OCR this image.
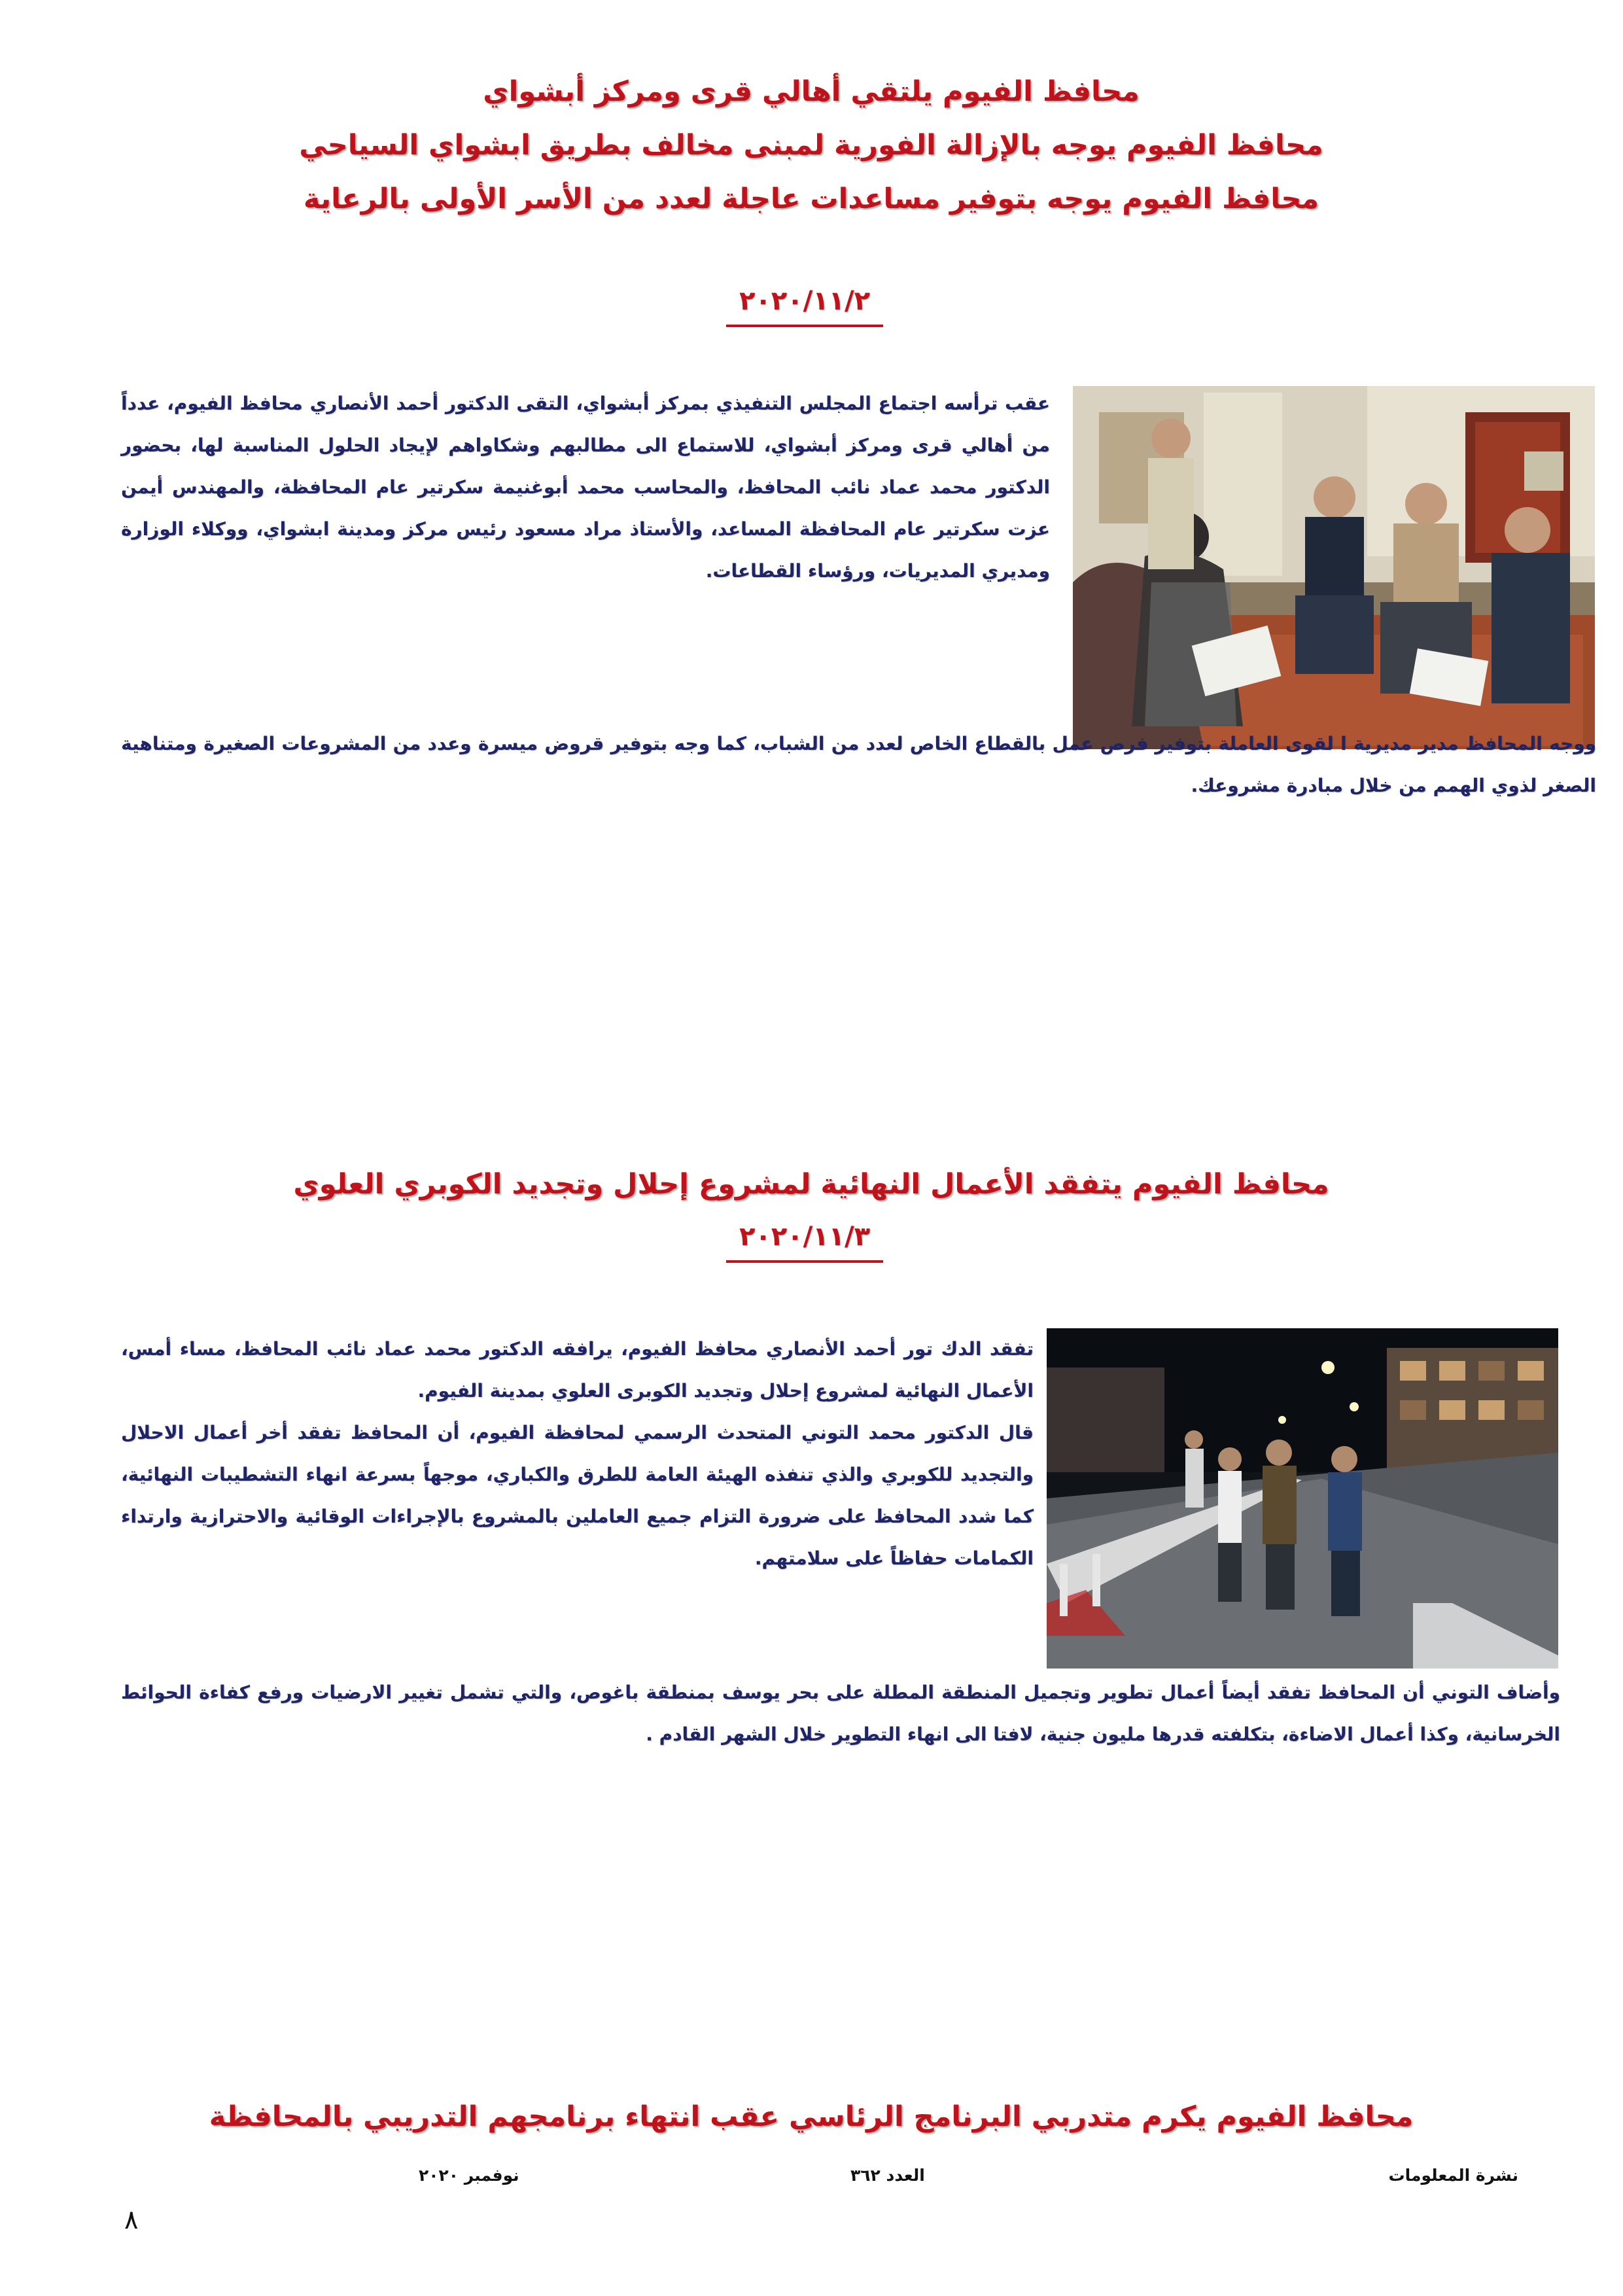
محافظ الفيوم يلتقي أهالي قرى ومركز أبشواي

محافظ الفيوم يوجه بالإزالة الفورية لمبنى مخالف بطريق ابشواي السياحي

محافظ الفيوم يوجه بتوفير مساعدات عاجلة لعدد من الأسر الأولى بالرعاية

٢٠٢٠/١١/٢

عقب ترأسه اجتماع المجلس التنفيذي بمركز أبشواي، التقى الدكتور أحمد الأنصاري محافظ الفيوم، عدداً من أهالي قرى ومركز أبشواي، للاستماع الى مطالبهم وشكاواهم لإيجاد الحلول المناسبة لها، بحضور الدكتور محمد عماد نائب المحافظ، والمحاسب محمد أبوغنيمة سكرتير عام المحافظة، والمهندس أيمن عزت سكرتير عام المحافظة المساعد، والأستاذ مراد مسعود رئيس مركز ومدينة ابشواي، ووكلاء الوزارة ومديري المديريات، ورؤساء القطاعات.

ووجه المحافظ مدير مديرية ا لقوى العاملة بتوفير فرص عمل بالقطاع الخاص لعدد من الشباب، كما وجه بتوفير قروض ميسرة وعدد من المشروعات الصغيرة ومتناهية الصغر لذوي الهمم من خلال مبادرة مشروعك.

محافظ الفيوم يتفقد الأعمال النهائية لمشروع إحلال وتجديد الكوبري العلوي

٢٠٢٠/١١/٣

تفقد الدك تور أحمد الأنصاري محافظ الفيوم، يرافقه الدكتور محمد عماد نائب المحافظ، مساء أمس، الأعمال النهائية لمشروع إحلال وتجديد الكوبرى العلوي بمدينة الفيوم.

قال الدكتور محمد التوني المتحدث الرسمي لمحافظة الفيوم، أن المحافظ تفقد أخر أعمال الاحلال والتجديد للكوبري والذي تنفذه الهيئة العامة للطرق والكباري، موجهاً بسرعة انهاء التشطيبات النهائية، كما شدد المحافظ على ضرورة التزام جميع العاملين بالمشروع بالإجراءات الوقائية والاحترازية وارتداء الكمامات حفاظاً على سلامتهم.

وأضاف التوني أن المحافظ تفقد أيضاً أعمال تطوير وتجميل المنطقة المطلة على بحر يوسف بمنطقة باغوص، والتي تشمل تغيير الارضيات ورفع كفاءة الحوائط الخرسانية، وكذا أعمال الاضاءة، بتكلفته قدرها مليون جنية، لافتا الى انهاء التطوير خلال الشهر القادم .

محافظ الفيوم يكرم متدربي البرنامج الرئاسي عقب انتهاء برنامجهم التدريبي بالمحافظة

نشرة المعلومات
العدد ٣٦٢
نوفمبر ٢٠٢٠
٨
